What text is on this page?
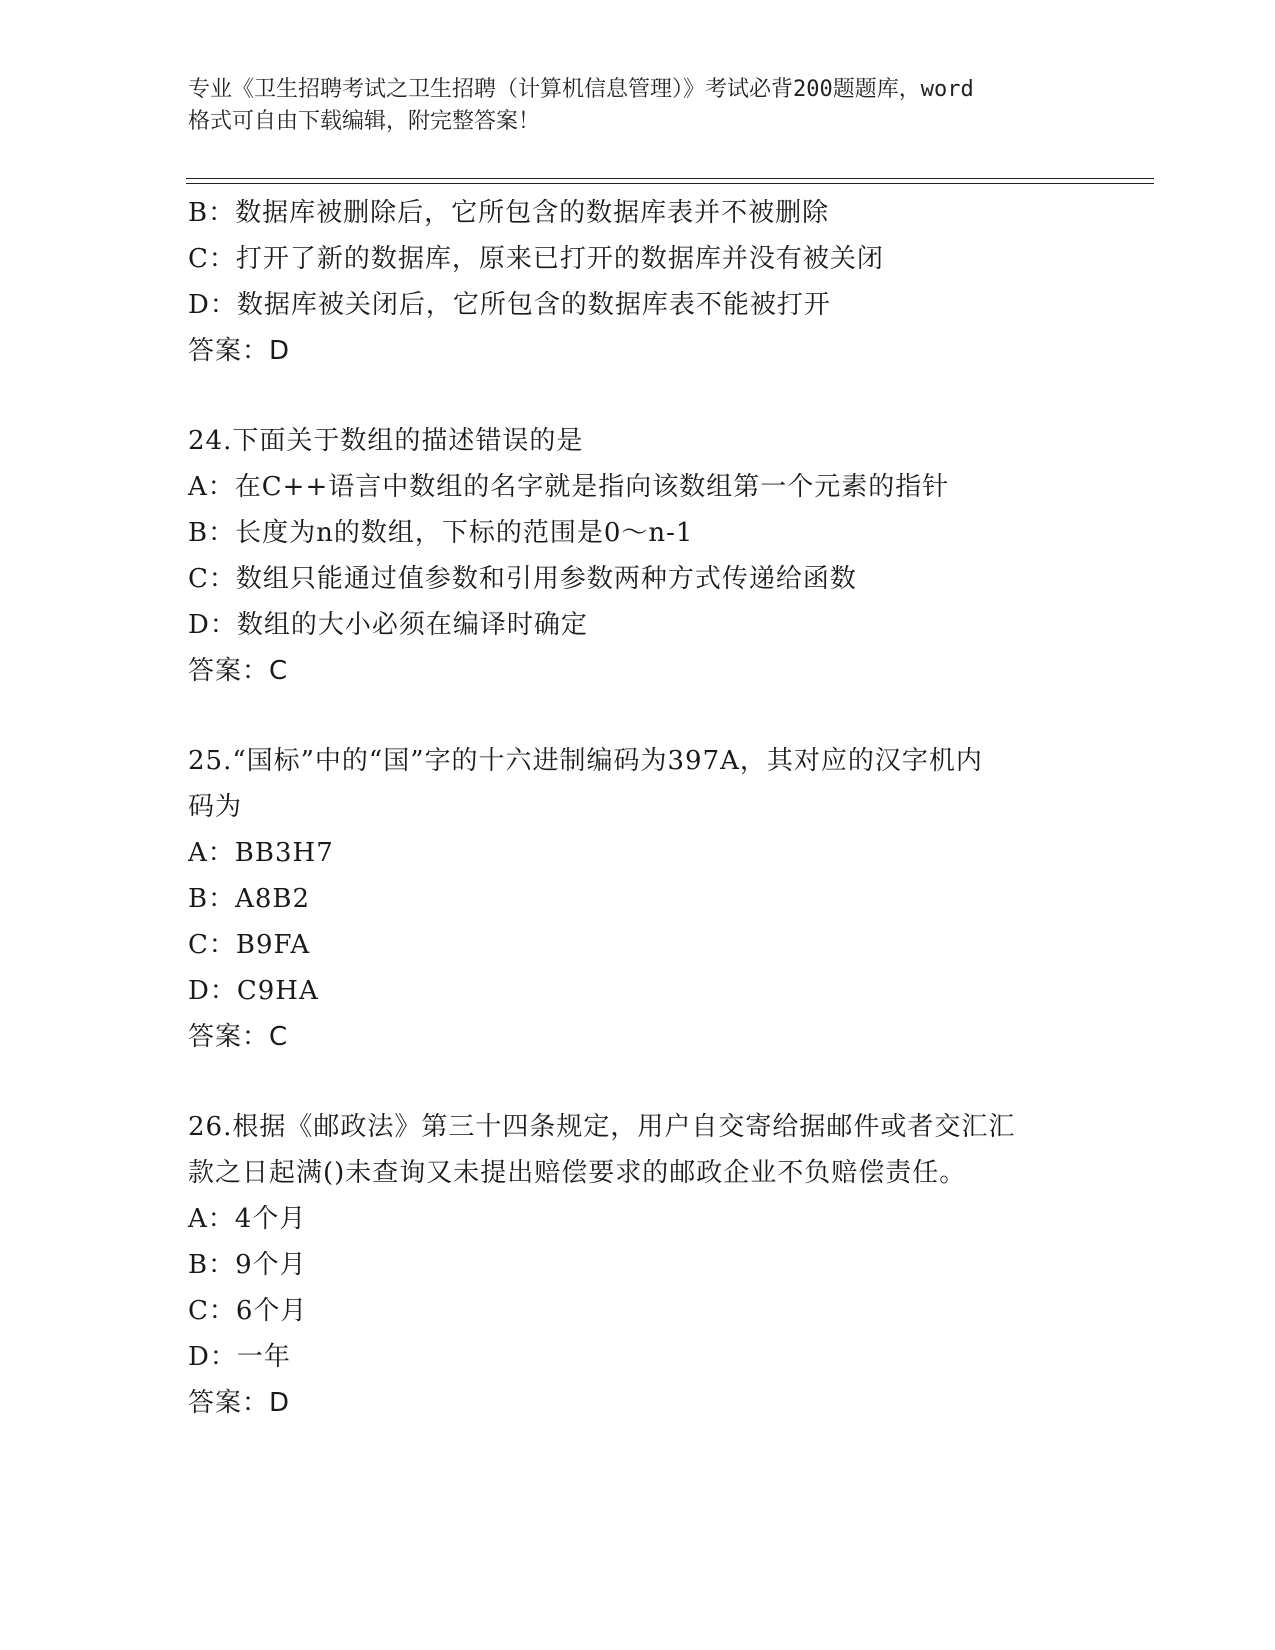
专业《卫生招聘考试之卫生招聘（计算机信息管理）》考试必背200题题库，word
格式可自由下载编辑，附完整答案！
B：数据库被删除后，它所包含的数据库表并不被删除
C：打开了新的数据库，原来已打开的数据库并没有被关闭
D：数据库被关闭后，它所包含的数据库表不能被打开
答案：D
24.下面关于数组的描述错误的是
A：在C++语言中数组的名字就是指向该数组第一个元素的指针
B：长度为n的数组，下标的范围是0～n-1
C：数组只能通过值参数和引用参数两种方式传递给函数
D：数组的大小必须在编译时确定
答案：C
25.“国标”中的“国”字的十六进制编码为397A，其对应的汉字机内
码为
A：BB3H7
B：A8B2
C：B9FA
D：C9HA
答案：C
26.根据《邮政法》第三十四条规定，用户自交寄给据邮件或者交汇汇
款之日起满()未查询又未提出赔偿要求的邮政企业不负赔偿责任。
A：4个月
B：9个月
C：6个月
D：一年
答案：D
